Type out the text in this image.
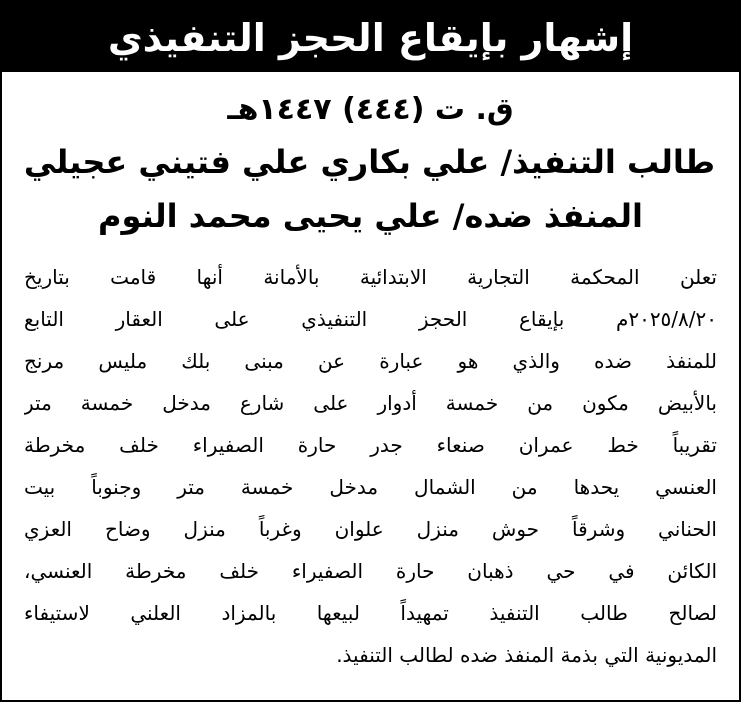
إشهار بإيقاع الحجز التنفيذي
ق. ت (٤٤٤) ١٤٤٧هـ
طالب التنفيذ/ علي بكاري علي فتيني عجيلي
المنفذ ضده/ علي يحيى محمد النوم
تعلن المحكمة التجارية الابتدائية بالأمانة أنها قامت بتاريخ
٢٠٢٥/٨/٢٠م بإيقاع الحجز التنفيذي على العقار التابع
للمنفذ ضده والذي هو عبارة عن مبنى بلك مليس مرنج
بالأبيض مكون من خمسة أدوار على شارع مدخل خمسة متر
تقريباً خط عمران صنعاء جدر حارة الصفيراء خلف مخرطة
العنسي يحدها من الشمال مدخل خمسة متر وجنوباً بيت
الحناني وشرقاً حوش منزل علوان وغرباً منزل وضاح العزي
الكائن في حي ذهبان حارة الصفيراء خلف مخرطة العنسي،
لصالح طالب التنفيذ تمهيداً لبيعها بالمزاد العلني لاستيفاء
المديونية التي بذمة المنفذ ضده لطالب التنفيذ.
